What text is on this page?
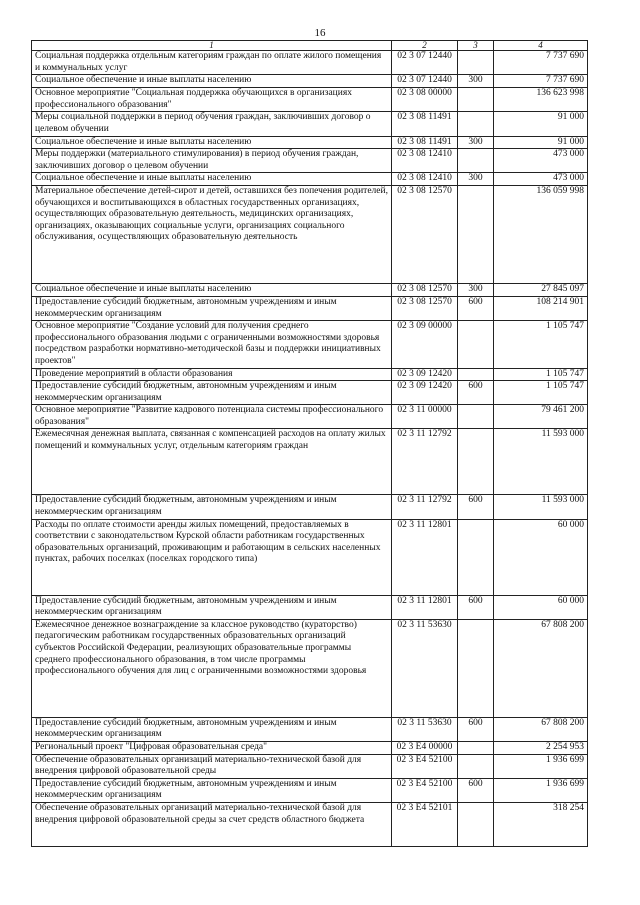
16
1	2	3	4
Социальная поддержка отдельным категориям граждан по оплате жилого помещения и коммунальных услуг	02 3 07 12440		7 737 690
Социальное обеспечение и иные выплаты населению	02 3 07 12440	300	7 737 690
Основное мероприятие "Социальная поддержка обучающихся в организациях профессионального образования"	02 3 08 00000		136 623 998
Меры социальной поддержки в период обучения граждан, заключивших договор о целевом обучении	02 3 08 11491		91 000
Социальное обеспечение и иные выплаты населению	02 3 08 11491	300	91 000
Меры поддержки (материального стимулирования) в период обучения граждан, заключивших договор о целевом обучении	02 3 08 12410		473 000
Социальное обеспечение и иные выплаты населению	02 3 08 12410	300	473 000
Материальное обеспечение детей-сирот и детей, оставшихся без попечения родителей, обучающихся и воспитывающихся в областных государственных организациях, осуществляющих образовательную деятельность, медицинских организациях, организациях, оказывающих социальные услуги, организациях социального обслуживания, осуществляющих образовательную деятельность	02 3 08 12570		136 059 998
Социальное обеспечение и иные выплаты населению	02 3 08 12570	300	27 845 097
Предоставление субсидий бюджетным, автономным учреждениям и иным некоммерческим организациям	02 3 08 12570	600	108 214 901
Основное мероприятие "Создание условий для получения среднего профессионального образования людьми с ограниченными возможностями здоровья посредством разработки нормативно-методической базы и поддержки инициативных проектов"	02 3 09 00000		1 105 747
Проведение мероприятий в области образования	02 3 09 12420		1 105 747
Предоставление субсидий бюджетным, автономным учреждениям и иным некоммерческим организациям	02 3 09 12420	600	1 105 747
Основное мероприятие "Развитие кадрового потенциала системы профессионального образования"	02 3 11 00000		79 461 200
Ежемесячная денежная выплата, связанная с компенсацией расходов на оплату жилых помещений и коммунальных услуг, отдельным категориям граждан	02 3 11 12792		11 593 000
Предоставление субсидий бюджетным, автономным учреждениям и иным некоммерческим организациям	02 3 11 12792	600	11 593 000
Расходы по оплате стоимости аренды жилых помещений, предоставляемых в соответствии с законодательством Курской области работникам государственных образовательных организаций, проживающим и работающим в сельских населенных пунктах, рабочих поселках (поселках городского типа)	02 3 11 12801		60 000
Предоставление субсидий бюджетным, автономным учреждениям и иным некоммерческим организациям	02 3 11 12801	600	60 000
Ежемесячное денежное вознаграждение за классное руководство (кураторство) педагогическим работникам государственных образовательных организаций субъектов Российской Федерации, реализующих образовательные программы среднего профессионального образования, в том числе программы профессионального обучения для лиц с ограниченными возможностями здоровья	02 3 11 53630		67 808 200
Предоставление субсидий бюджетным, автономным учреждениям и иным некоммерческим организациям	02 3 11 53630	600	67 808 200
Региональный проект "Цифровая образовательная среда"	02 3 E4 00000		2 254 953
Обеспечение образовательных организаций материально-технической базой для внедрения цифровой образовательной среды	02 3 E4 52100		1 936 699
Предоставление субсидий бюджетным, автономным учреждениям и иным некоммерческим организациям	02 3 E4 52100	600	1 936 699
Обеспечение образовательных организаций материально-технической базой для внедрения цифровой образовательной среды за счет средств областного бюджета	02 3 E4 52101		318 254
